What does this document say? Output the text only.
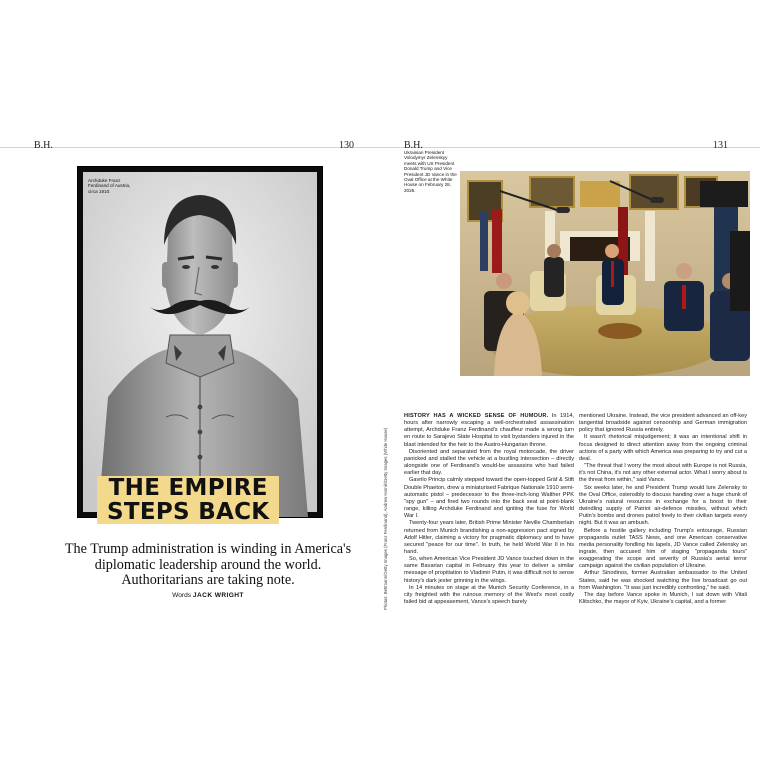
B.H.	130	B.H.	131
Archduke Franz Ferdinand of Austria, circa 1910.
THE EMPIRE
STEPS BACK
The Trump administration is winding in America's diplomatic leadership around the world. Authoritarians are taking note.
Words JACK WRIGHT
Ukrainian President Volodymyr Zelenskyy meets with US President Donald Trump and Vice President JD Vance in the Oval Office at the White House on February 28, 2025.
Photos: Bettmann/Getty Images (Franz Ferdinand), Andrew Harnik/Getty Images (White House)

HISTORY HAS A WICKED SENSE OF HUMOUR. In 1914, hours after narrowly escaping a well-orchestrated assassination attempt, Archduke Franz Ferdinand's chauffeur made a wrong turn en route to Sarajevo State Hospital to visit bystanders injured in the blast intended for the heir to the Austro-Hungarian throne.

Disoriented and separated from the royal motorcade, the driver panicked and stalled the vehicle at a bustling intersection – directly alongside one of Ferdinand's would-be assassins who had failed earlier that day.

Gavrilo Princip calmly stepped toward the open-topped Gräf & Stift Double Phaeton, drew a miniaturised Fabrique Nationale 1910 semi-automatic pistol – predecessor to the three-inch-long Walther PPK "spy gun" – and fired two rounds into the back seat at point-blank range, killing Archduke Ferdinand and igniting the fuse for World War I.

Twenty-four years later, British Prime Minister Neville Chamberlain returned from Munich brandishing a non-aggression pact signed by Adolf Hitler, claiming a victory for pragmatic diplomacy and to have secured "peace for our time". In truth, he held World War II in his hand.

So, when American Vice President JD Vance touched down in the same Bavarian capital in February this year to deliver a similar message of propitiation to Vladimir Putin, it was difficult not to sense history's dark jester grinning in the wings.

In 14 minutes on stage at the Munich Security Conference, in a city freighted with the ruinous memory of the West's most costly failed bid at appeasement, Vance's speech barely

mentioned Ukraine. Instead, the vice president advanced an off-key tangential broadside against censorship and German immigration policy that ignored Russia entirely.

It wasn't rhetorical misjudgement; it was an intentional shift in focus designed to direct attention away from the ongoing criminal actions of a party with which America was preparing to try and cut a deal.

"The threat that I worry the most about with Europe is not Russia, it's not China, it's not any other external actor. What I worry about is the threat from within," said Vance.

Six weeks later, he and President Trump would lure Zelensky to the Oval Office, ostensibly to discuss handing over a huge chunk of Ukraine's natural resources in exchange for a boost to their dwindling supply of Patriot air-defence missiles, without which Putin's bombs and drones patrol freely to their civilian targets every night. But it was an ambush.

Before a hostile gallery including Trump's entourage, Russian propaganda outlet TASS News, and one American conservative media personality fondling his lapels, JD Vance called Zelensky an ingrate, then accused him of staging "propaganda tours" exaggerating the scope and severity of Russia's aerial terror campaign against the civilian population of Ukraine.

Arthur Sinodinos, former Australian ambassador to the United States, said he was shocked watching the live broadcast go out from Washington. "It was just incredibly confronting," he said.

The day before Vance spoke in Munich, I sat down with Vitali Klitschko, the mayor of Kyiv, Ukraine's capital, and a former
